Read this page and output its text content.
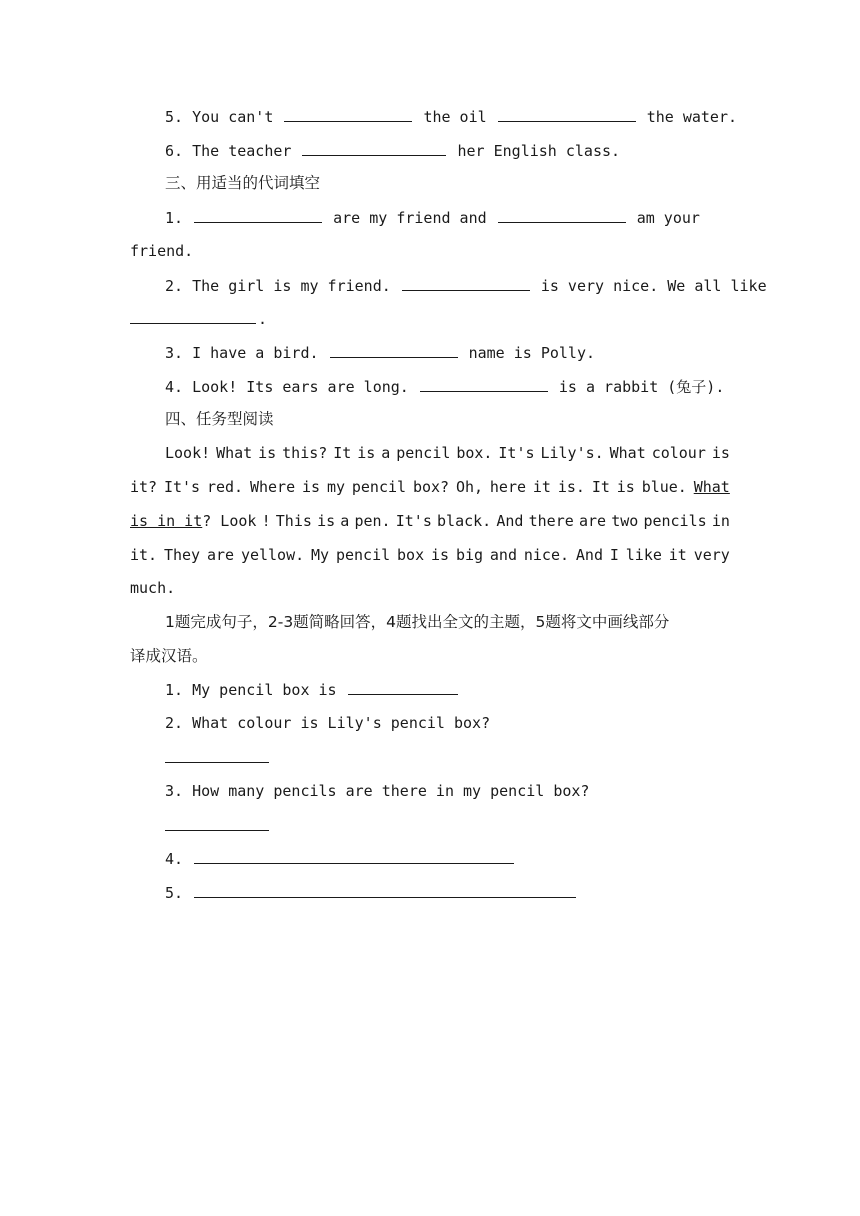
5. You can't	the oil	the water.
6. The teacher	her English class.
三、用适当的代词填空
1.	are my friend and	am your
friend.
2. The girl is my friend.	is very nice. We all like
.
3. I have a bird.	name is Polly.
4. Look! Its ears are long.	is a rabbit (兔子).
四、任务型阅读
Look! What is this? It is a pencil box. It's Lily's. What colour is
it? It's red. Where is my pencil box? Oh, here it is. It is blue. What
is in it? Look ! This is a pen. It's black. And there are two pencils in
it. They are yellow. My pencil box is big and nice. And I like it very
much.
1题完成句子，2-3题简略回答，4题找出全文的主题，5题将文中画线部分
译成汉语。
1. My pencil box is
2. What colour is Lily's pencil box?
3. How many pencils are there in my pencil box?
4.
5.
